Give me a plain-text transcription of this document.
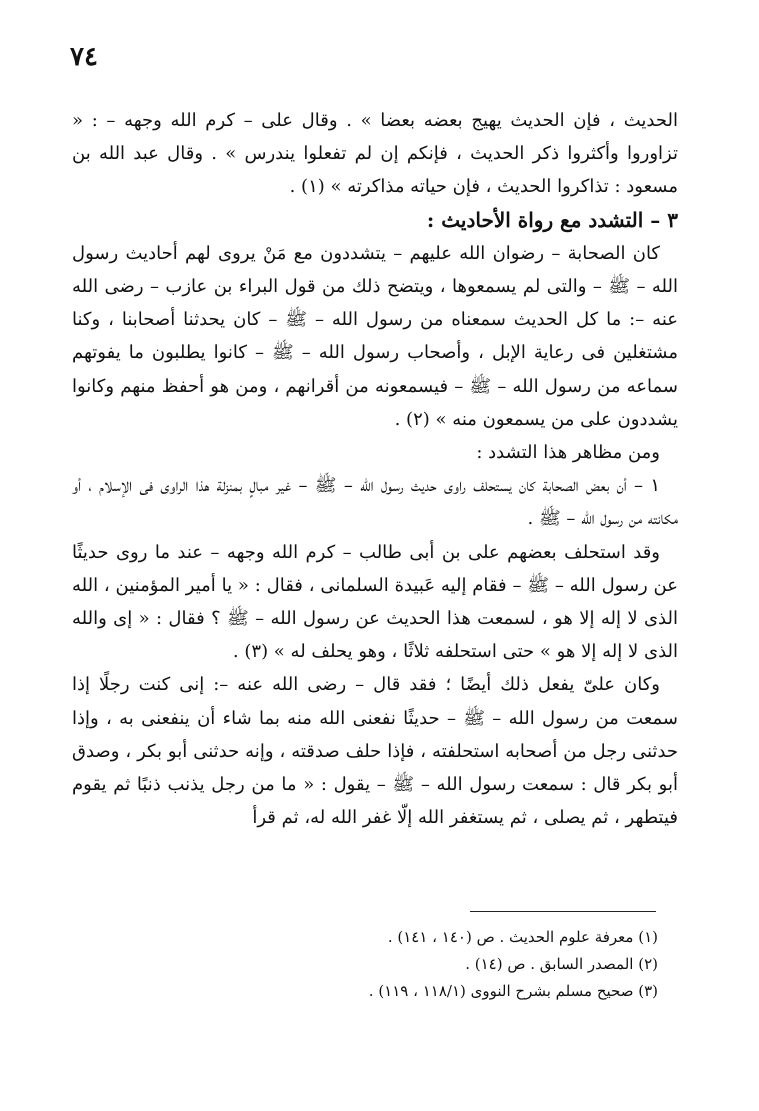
٧٤

الحديث ، فإن الحديث يهيج بعضه بعضا » . وقال على – كرم الله وجهه – : « تزاوروا وأكثروا ذكر الحديث ، فإنكم إن لم تفعلوا يندرس » . وقال عبد الله بن مسعود : تذاكروا الحديث ، فإن حياته مذاكرته » (١) .

٣ – التشدد مع رواة الأحاديث :

كان الصحابة – رضوان الله عليهم – يتشددون مع مَنْ يروى لهم أحاديث رسول الله – ﷺ – والتى لم يسمعوها ، ويتضح ذلك من قول البراء بن عازب – رضى الله عنه –: ما كل الحديث سمعناه من رسول الله – ﷺ – كان يحدثنا أصحابنا ، وكنا مشتغلين فى رعاية الإبل ، وأصحاب رسول الله – ﷺ – كانوا يطلبون ما يفوتهم سماعه من رسول الله – ﷺ – فيسمعونه من أقرانهم ، ومن هو أحفظ منهم وكانوا يشددون على من يسمعون منه » (٢) .

ومن مظاهر هذا التشدد :

١ – أن بعض الصحابة كان يستحلف راوى حديث رسول الله – ﷺ – غير مبالٍ بمنزلة هذا الراوى فى الإسلام ، أو مكانته من رسول الله – ﷺ .

وقد استحلف بعضهم على بن أبى طالب – كرم الله وجهه – عند ما روى حديثًا عن رسول الله – ﷺ – فقام إليه عَبيدة السلمانى ، فقال : « يا أمير المؤمنين ، الله الذى لا إله إلا هو ، لسمعت هذا الحديث عن رسول الله – ﷺ ؟ فقال : « إى والله الذى لا إله إلا هو » حتى استحلفه ثلاثًا ، وهو يحلف له » (٣) .

وكان علىّ يفعل ذلك أيضًا ؛ فقد قال – رضى الله عنه –: إنى كنت رجلًا إذا سمعت من رسول الله – ﷺ – حديثًا نفعنى الله منه بما شاء أن ينفعنى به ، وإذا حدثنى رجل من أصحابه استحلفته ، فإذا حلف صدقته ، وإنه حدثنى أبو بكر ، وصدق أبو بكر قال : سمعت رسول الله – ﷺ – يقول : « ما من رجل يذنب ذنبًا ثم يقوم فيتطهر ، ثم يصلى ، ثم يستغفر الله إلّا غفر الله له، ثم قرأ

(١) معرفة علوم الحديث . ص (١٤٠ ، ١٤١) .

(٢) المصدر السابق . ص (١٤) .

(٣) صحيح مسلم بشرح النووى (١١٨/١ ، ١١٩) .
